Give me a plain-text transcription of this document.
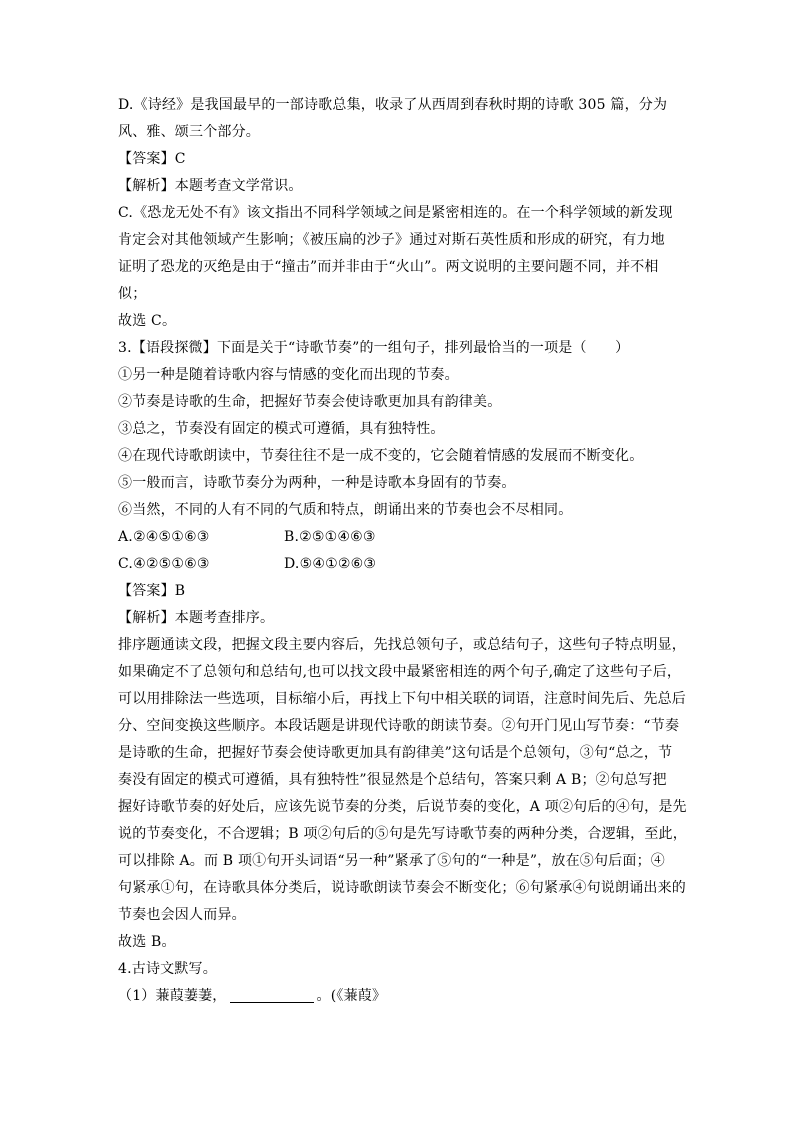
D.《诗经》是我国最早的一部诗歌总集，收录了从西周到春秋时期的诗歌 305 篇，分为
风、雅、颂三个部分。
【答案】C
【解析】本题考查文学常识。
C.《恐龙无处不有》该文指出不同科学领域之间是紧密相连的。在一个科学领域的新发现
肯定会对其他领域产生影响；《被压扁的沙子》通过对斯石英性质和形成的研究，有力地
证明了恐龙的灭绝是由于“撞击”而并非由于“火山”。两文说明的主要问题不同，并不相
似；
故选 C。
3.【语段探微】下面是关于“诗歌节奏”的一组句子，排列最恰当的一项是（　　）
①另一种是随着诗歌内容与情感的变化而出现的节奏。
②节奏是诗歌的生命，把握好节奏会使诗歌更加具有韵律美。
③总之，节奏没有固定的模式可遵循，具有独特性。
④在现代诗歌朗读中，节奏往往不是一成不变的，它会随着情感的发展而不断变化。
⑤一般而言，诗歌节奏分为两种，一种是诗歌本身固有的节奏。
⑥当然，不同的人有不同的气质和特点，朗诵出来的节奏也会不尽相同。
A.②④⑤①⑥③	B.②⑤①④⑥③
C.④②⑤①⑥③	D.⑤④①②⑥③
【答案】B
【解析】本题考查排序。
排序题通读文段，把握文段主要内容后，先找总领句子，或总结句子，这些句子特点明显，
如果确定不了总领句和总结句,也可以找文段中最紧密相连的两个句子,确定了这些句子后，
可以用排除法一些选项，目标缩小后，再找上下句中相关联的词语，注意时间先后、先总后
分、空间变换这些顺序。本段话题是讲现代诗歌的朗读节奏。②句开门见山写节奏：“节奏
是诗歌的生命，把握好节奏会使诗歌更加具有韵律美”这句话是个总领句，③句“总之，节
奏没有固定的模式可遵循，具有独特性”很显然是个总结句，答案只剩 A B；②句总写把
握好诗歌节奏的好处后，应该先说节奏的分类，后说节奏的变化，A 项②句后的④句，是先
说的节奏变化，不合逻辑；B 项②句后的⑤句是先写诗歌节奏的两种分类，合逻辑，至此，
可以排除 A。而 B 项①句开头词语“另一种”紧承了⑤句的“一种是”，放在⑤句后面；④
句紧承①句，在诗歌具体分类后，说诗歌朗读节奏会不断变化；⑥句紧承④句说朗诵出来的
节奏也会因人而异。
故选 B。
4.古诗文默写。
（1）蒹葭萋萋，	。(《蒹葭》
